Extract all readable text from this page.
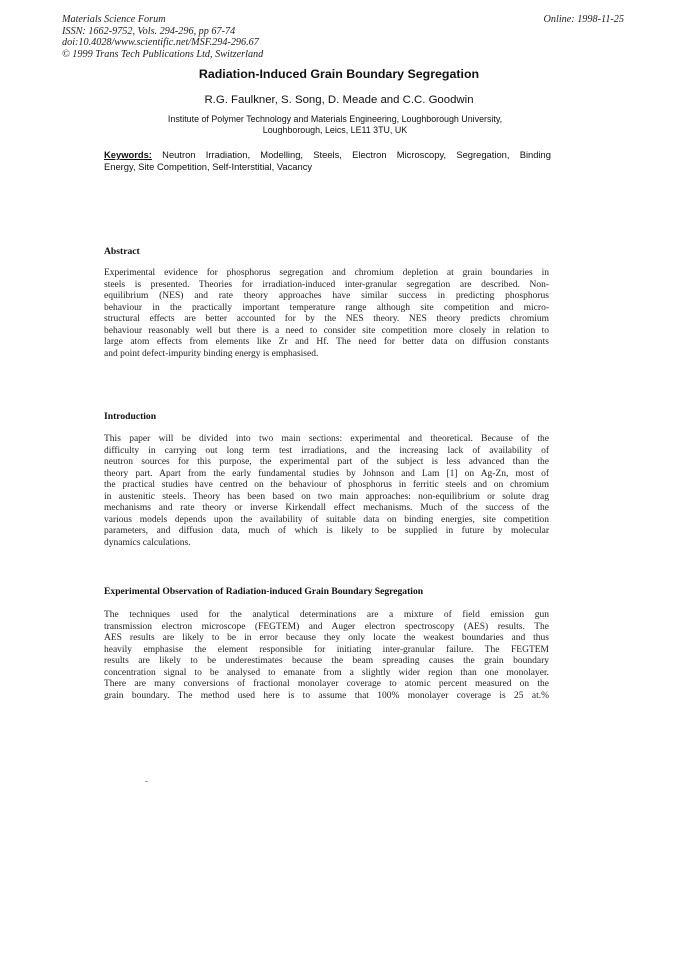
Materials Science Forum
ISSN: 1662-9752, Vols. 294-296, pp 67-74
doi:10.4028/www.scientific.net/MSF.294-296.67
© 1999 Trans Tech Publications Ltd, Switzerland
Online: 1998-11-25
Radiation-Induced Grain Boundary Segregation
R.G. Faulkner, S. Song, D. Meade and C.C. Goodwin
Institute of Polymer Technology and Materials Engineering, Loughborough University,
Loughborough, Leics, LE11 3TU, UK
Keywords: Neutron Irradiation, Modelling, Steels, Electron Microscopy, Segregation, Binding
Energy, Site Competition, Self-Interstitial, Vacancy
Abstract
Experimental evidence for phosphorus segregation and chromium depletion at grain boundaries in
steels is presented. Theories for irradiation-induced inter-granular segregation are described. Non-
equilibrium (NES) and rate theory approaches have similar success in predicting phosphorus
behaviour in the practically important temperature range although site competition and micro-
structural effects are better accounted for by the NES theory. NES theory predicts chromium
behaviour reasonably well but there is a need to consider site competition more closely in relation to
large atom effects from elements like Zr and Hf. The need for better data on diffusion constants
and point defect-impurity binding energy is emphasised.
Introduction
This paper will be divided into two main sections: experimental and theoretical. Because of the
difficulty in carrying out long term test irradiations, and the increasing lack of availability of
neutron sources for this purpose, the experimental part of the subject is less advanced than the
theory part. Apart from the early fundamental studies by Johnson and Lam [1] on Ag-Zn, most of
the practical studies have centred on the behaviour of phosphorus in ferritic steels and on chromium
in austenitic steels. Theory has been based on two main approaches: non-equilibrium or solute drag
mechanisms and rate theory or inverse Kirkendall effect mechanisms. Much of the success of the
various models depends upon the availability of suitable data on binding energies, site competition
parameters, and diffusion data, much of which is likely to be supplied in future by molecular
dynamics calculations.
Experimental Observation of Radiation-induced Grain Boundary Segregation
The techniques used for the analytical determinations are a mixture of field emission gun
transmission electron microscope (FEGTEM) and Auger electron spectroscopy (AES) results. The
AES results are likely to be in error because they only locate the weakest boundaries and thus
heavily emphasise the element responsible for initiating inter-granular failure. The FEGTEM
results are likely to be underestimates because the beam spreading causes the grain boundary
concentration signal to be analysed to emanate from a slightly wider region than one monolayer.
There are many conversions of fractional monolayer coverage to atomic percent measured on the
grain boundary. The method used here is to assume that 100% monolayer coverage is 25 at.%
